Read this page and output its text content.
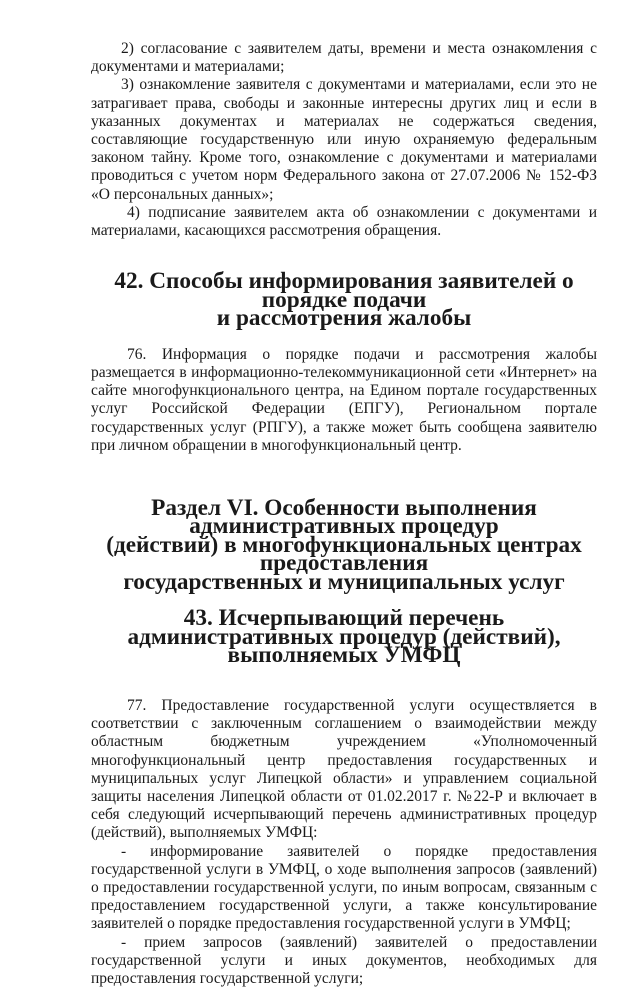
2) согласование с заявителем даты, времени и места ознакомления с документами и материалами;

3) ознакомление заявителя с документами и материалами, если это не затрагивает права, свободы и законные интересны других лиц и если в указанных документах и материалах не содержаться сведения, составляющие государственную или иную охраняемую федеральным законом тайну. Кроме того, ознакомление с документами и материалами проводиться с учетом норм Федерального закона от 27.07.2006 № 152-ФЗ «О персональных данных»;

4) подписание заявителем акта об ознакомлении с документами и материалами, касающихся рассмотрения обращения.

42. Способы информирования заявителей о порядке подачи
и рассмотрения жалобы

76. Информация о порядке подачи и рассмотрения жалобы размещается в информационно-телекоммуникационной сети «Интернет» на сайте многофункционального центра, на Едином портале государственных услуг Российской Федерации (ЕПГУ), Региональном портале государственных услуг (РПГУ), а также может быть сообщена заявителю при личном обращении в многофункциональный центр.

Раздел VI. Особенности выполнения административных процедур
(действий) в многофункциональных центрах предоставления
государственных и муниципальных услуг
43. Исчерпывающий перечень административных процедур (действий),
выполняемых УМФЦ

77. Предоставление государственной услуги осуществляется в соответствии с заключенным соглашением о взаимодействии между областным бюджетным учреждением «Уполномоченный многофункциональный центр предоставления государственных и муниципальных услуг Липецкой области» и управлением социальной защиты населения Липецкой области от 01.02.2017 г. №22-Р и включает в себя следующий исчерпывающий перечень административных процедур (действий), выполняемых УМФЦ:

- информирование заявителей о порядке предоставления государственной услуги в УМФЦ, о ходе выполнения запросов (заявлений) о предоставлении государственной услуги, по иным вопросам, связанным с предоставлением государственной услуги, а также консультирование заявителей о порядке предоставления государственной услуги в УМФЦ;

- прием запросов (заявлений) заявителей о предоставлении государственной услуги и иных документов, необходимых для предоставления государственной услуги;
